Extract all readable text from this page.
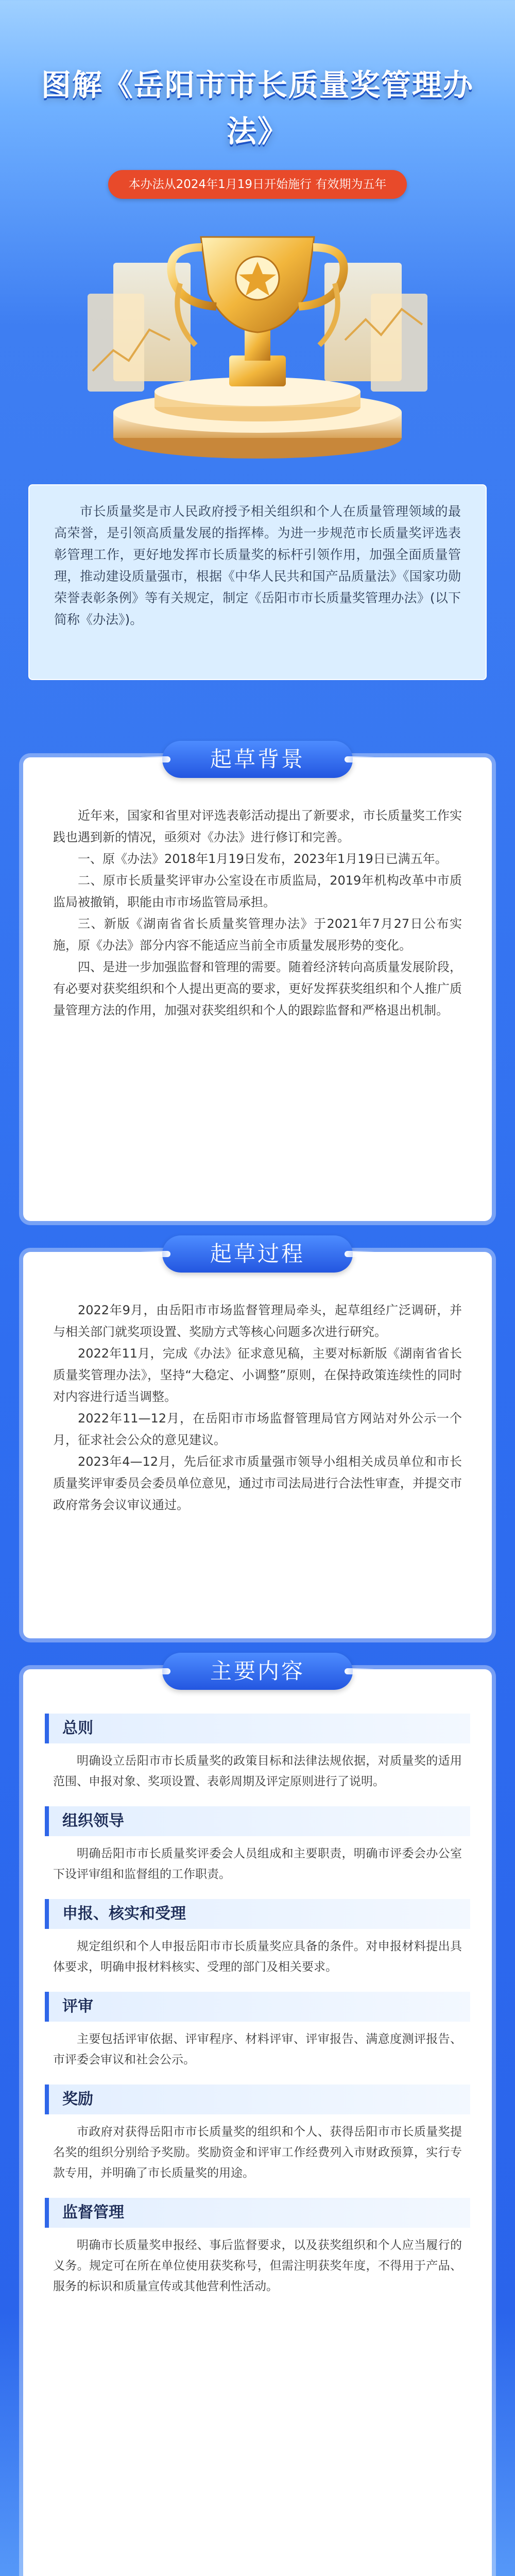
图解《岳阳市市长质量奖管理办法》
本办法从2024年1月19日开始施行 有效期为五年

市长质量奖是市人民政府授予相关组织和个人在质量管理领域的最高荣誉，是引领高质量发展的指挥棒。为进一步规范市长质量奖评选表彰管理工作，更好地发挥市长质量奖的标杆引领作用，加强全面质量管理，推动建设质量强市，根据《中华人民共和国产品质量法》《国家功勋荣誉表彰条例》等有关规定，制定《岳阳市市长质量奖管理办法》(以下简称《办法》)。

起草背景

近年来，国家和省里对评选表彰活动提出了新要求，市长质量奖工作实践也遇到新的情况，亟须对《办法》进行修订和完善。

一、原《办法》2018年1月19日发布，2023年1月19日已满五年。

二、原市长质量奖评审办公室设在市质监局，2019年机构改革中市质监局被撤销，职能由市市场监管局承担。

三、新版《湖南省省长质量奖管理办法》于2021年7月27日公布实施，原《办法》部分内容不能适应当前全市质量发展形势的变化。

四、是进一步加强监督和管理的需要。随着经济转向高质量发展阶段，有必要对获奖组织和个人提出更高的要求，更好发挥获奖组织和个人推广质量管理方法的作用，加强对获奖组织和个人的跟踪监督和严格退出机制。

起草过程

2022年9月，由岳阳市市场监督管理局牵头，起草组经广泛调研，并与相关部门就奖项设置、奖励方式等核心问题多次进行研究。

2022年11月，完成《办法》征求意见稿，主要对标新版《湖南省省长质量奖管理办法》，坚持“大稳定、小调整”原则，在保持政策连续性的同时对内容进行适当调整。

2022年11—12月，在岳阳市市场监督管理局官方网站对外公示一个月，征求社会公众的意见建议。

2023年4—12月，先后征求市质量强市领导小组相关成员单位和市长质量奖评审委员会委员单位意见，通过市司法局进行合法性审查，并提交市政府常务会议审议通过。

主要内容
总则
明确设立岳阳市市长质量奖的政策目标和法律法规依据，对质量奖的适用范围、申报对象、奖项设置、表彰周期及评定原则进行了说明。
组织领导
明确岳阳市市长质量奖评委会人员组成和主要职责，明确市评委会办公室下设评审组和监督组的工作职责。
申报、核实和受理
规定组织和个人申报岳阳市市长质量奖应具备的条件。对申报材料提出具体要求，明确申报材料核实、受理的部门及相关要求。
评审
主要包括评审依据、评审程序、材料评审、评审报告、满意度测评报告、市评委会审议和社会公示。
奖励
市政府对获得岳阳市市长质量奖的组织和个人、获得岳阳市市长质量奖提名奖的组织分别给予奖励。奖励资金和评审工作经费列入市财政预算，实行专款专用，并明确了市长质量奖的用途。
监督管理
明确市长质量奖申报经、事后监督要求，以及获奖组织和个人应当履行的义务。规定可在所在单位使用获奖称号，但需注明获奖年度，不得用于产品、服务的标识和质量宣传或其他营利性活动。
